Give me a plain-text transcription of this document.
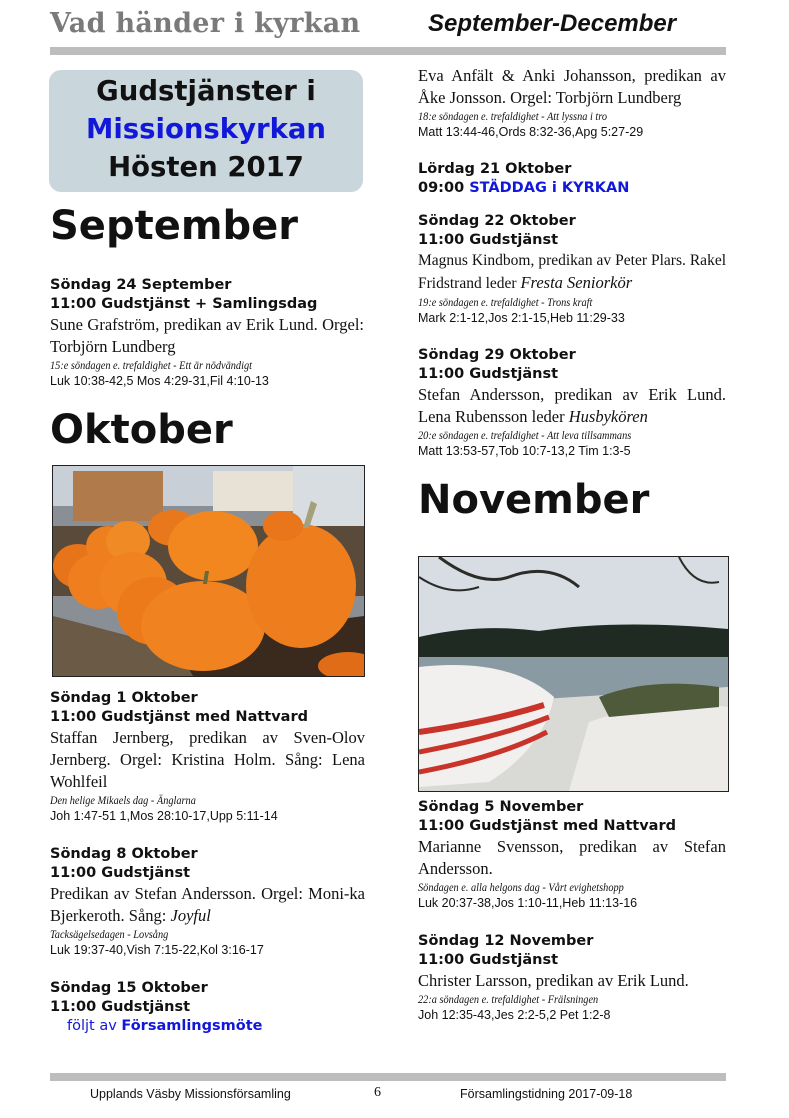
Vad händer i kyrkan	September-December
Gudstjänster i
Missionskyrkan
Hösten 2017
September
Söndag 24 September
11:00 Gudstjänst + Samlingsdag
Sune Grafström, predikan av Erik Lund. Orgel: Torbjörn Lundberg
15:e söndagen e. trefaldighet - Ett är nödvändigt
Luk 10:38-42,5 Mos 4:29-31,Fil 4:10-13
Oktober
Söndag 1 Oktober
11:00 Gudstjänst med Nattvard
Staffan Jernberg, predikan av Sven-Olov Jernberg. Orgel: Kristina Holm. Sång: Lena Wohlfeil
Den helige Mikaels dag - Änglarna
Joh 1:47-51 1,Mos 28:10-17,Upp 5:11-14
Söndag 8 Oktober
11:00 Gudstjänst
Predikan av Stefan Andersson. Orgel: Moni-ka Bjerkeroth. Sång: Joyful
Tacksägelsedagen - Lovsång
Luk 19:37-40,Vish 7:15-22,Kol 3:16-17
Söndag 15 Oktober
11:00 Gudstjänst
följt av Församlingsmöte
Eva Anfält & Anki Johansson, predikan av Åke Jonsson. Orgel: Torbjörn Lundberg
18:e söndagen e. trefaldighet - Att lyssna i tro
Matt 13:44-46,Ords 8:32-36,Apg 5:27-29
Lördag 21 Oktober
09:00 STÄDDAG i KYRKAN
Söndag 22 Oktober
11:00 Gudstjänst
Magnus Kindbom, predikan av Peter Plars. Rakel Fridstrand leder Fresta Seniorkör
19:e söndagen e. trefaldighet - Trons kraft
Mark 2:1-12,Jos 2:1-15,Heb 11:29-33
Söndag 29 Oktober
11:00 Gudstjänst
Stefan Andersson, predikan av Erik Lund. Lena Rubensson leder Husbykören
20:e söndagen e. trefaldighet - Att leva tillsammans
Matt 13:53-57,Tob 10:7-13,2 Tim 1:3-5
November
Söndag 5 November
11:00 Gudstjänst med Nattvard
Marianne Svensson, predikan av Stefan Andersson.
Söndagen e. alla helgons dag - Vårt evighetshopp
Luk 20:37-38,Jos 1:10-11,Heb 11:13-16
Söndag 12 November
11:00 Gudstjänst
Christer Larsson, predikan av Erik Lund.
22:a söndagen e. trefaldighet - Frälsningen
Joh 12:35-43,Jes 2:2-5,2 Pet 1:2-8
Upplands Väsby Missionsförsamling	6	Församlingstidning 2017-09-18
